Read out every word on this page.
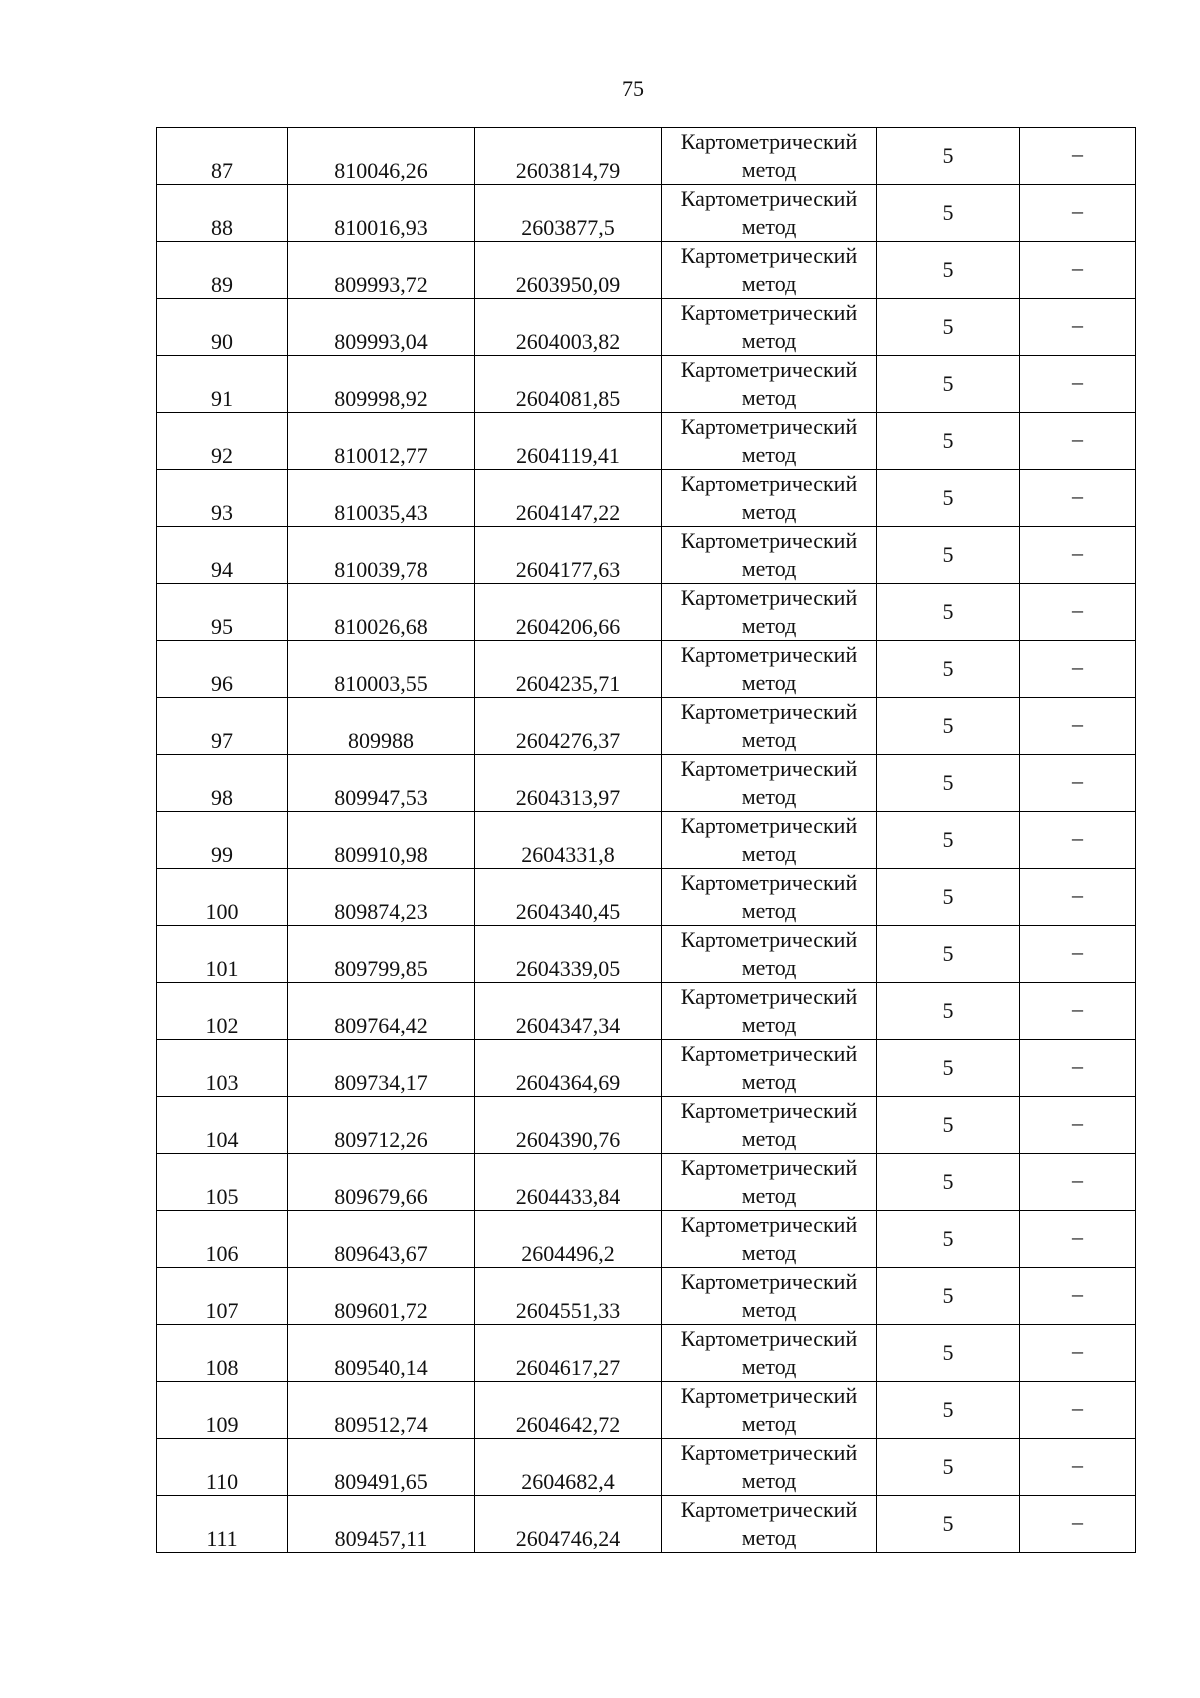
75
87	810046,26	2603814,79	Картометрический
метод	5	–

88	810016,93	2603877,5	Картометрический
метод	5	–

89	809993,72	2603950,09	Картометрический
метод	5	–

90	809993,04	2604003,82	Картометрический
метод	5	–

91	809998,92	2604081,85	Картометрический
метод	5	–

92	810012,77	2604119,41	Картометрический
метод	5	–

93	810035,43	2604147,22	Картометрический
метод	5	–

94	810039,78	2604177,63	Картометрический
метод	5	–

95	810026,68	2604206,66	Картометрический
метод	5	–

96	810003,55	2604235,71	Картометрический
метод	5	–

97	809988	2604276,37	Картометрический
метод	5	–

98	809947,53	2604313,97	Картометрический
метод	5	–

99	809910,98	2604331,8	Картометрический
метод	5	–

100	809874,23	2604340,45	Картометрический
метод	5	–

101	809799,85	2604339,05	Картометрический
метод	5	–

102	809764,42	2604347,34	Картометрический
метод	5	–

103	809734,17	2604364,69	Картометрический
метод	5	–

104	809712,26	2604390,76	Картометрический
метод	5	–

105	809679,66	2604433,84	Картометрический
метод	5	–

106	809643,67	2604496,2	Картометрический
метод	5	–

107	809601,72	2604551,33	Картометрический
метод	5	–

108	809540,14	2604617,27	Картометрический
метод	5	–

109	809512,74	2604642,72	Картометрический
метод	5	–

110	809491,65	2604682,4	Картометрический
метод	5	–

111	809457,11	2604746,24	Картометрический
метод	5	–
